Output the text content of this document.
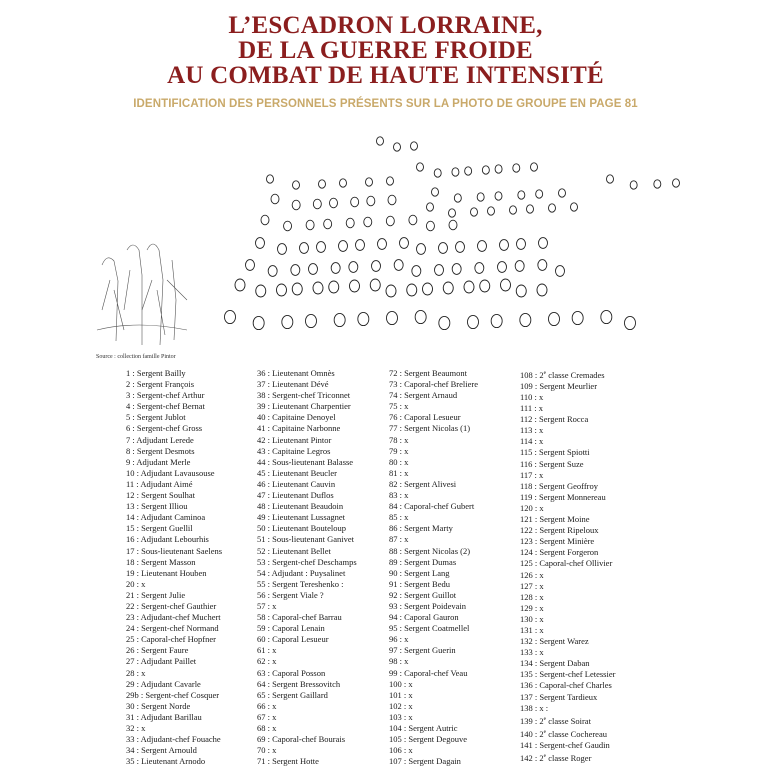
L’ESCADRON LORRAINE,
DE LA GUERRE FROIDE
AU COMBAT DE HAUTE INTENSITÉ
IDENTIFICATION DES PERSONNELS PRÉSENTS SUR LA PHOTO DE GROUPE EN PAGE 81
Source : collection famille Pintor
1 : Sergent Bailly
2 : Sergent François
3 : Sergent-chef Arthur
4 : Sergent-chef Bernat
5 : Sergent Jublot
6 : Sergent-chef Gross
7 : Adjudant Lerede
8 : Sergent Desmots
9 : Adjudant Merle
10 : Adjudant Lavausouse
11 : Adjudant Aimé
12 : Sergent Soulhat
13 : Sergent Illiou
14 : Adjudant Caminoa
15 : Sergent Guellil
16 : Adjudant Lebourhis
17 : Sous-lieutenant Saelens
18 : Sergent Masson
19 : Lieutenant Houben
20 : x
21 : Sergent Julie
22 : Sergent-chef Gauthier
23 : Adjudant-chef Muchert
24 : Sergent-chef Normand
25 : Caporal-chef Hopfner
26 : Sergent Faure
27 : Adjudant Paillet
28 : x
29 : Adjudant Cavarle
29b : Sergent-chef Cosquer
30 : Sergent Norde
31 : Adjudant Barillau
32 : x
33 : Adjudant-chef Fouache
34 : Sergent Arnould
35 : Lieutenant Arnodo
36 : Lieutenant Omnès
37 : Lieutenant Dévé
38 : Sergent-chef Triconnet
39 : Lieutenant Charpentier
40 : Capitaine Denoyel
41 : Capitaine Narbonne
42 : Lieutenant Pintor
43 : Capitaine Legros
44 : Sous-lieutenant Balasse
45 : Lieutenant Beucler
46 : Lieutenant Cauvin
47 : Lieutenant Duflos
48 : Lieutenant Beaudoin
49 : Lieutenant Lussagnet
50 : Lieutenant Bouteloup
51 : Sous-lieutenant Ganivet
52 : Lieutenant Bellet
53 : Sergent-chef Deschamps
54 : Adjudant : Puysalinet
55 : Sergent Tereshenko :
56 : Sergent Viale ?
57 : x
58 : Caporal-chef Barrau
59 : Caporal Lenain
60 : Caporal Lesueur
61 : x
62 : x
63 : Caporal Posson
64 : Sergent Bressovitch
65 : Sergent Gaillard
66 : x
67 : x
68 : x
69 : Caporal-chef Bourais
70 : x
71 : Sergent Hotte
72 : Sergent Beaumont
73 : Caporal-chef Breliere
74 : Sergent Arnaud
75 : x
76 : Caporal Lesueur
77 : Sergent Nicolas (1)
78 : x
79 : x
80 : x
81 : x
82 : Sergent Alivesi
83 : x
84 : Caporal-chef Gubert
85 : x
86 : Sergent Marty
87 : x
88 : Sergent Nicolas (2)
89 : Sergent Dumas
90 : Sergent Lang
91 : Sergent Bedu
92 : Sergent Guillot
93 : Sergent Poidevain
94 : Caporal Gauron
95 : Sergent Coatmellel
96 : x
97 : Sergent Guerin
98 : x
99 : Caporal-chef Veau
100 : x
101 : x
102 : x
103 : x
104 : Sergent Autric
105 : Sergent Degouve
106 : x
107 : Sergent Dagain
108 : 2e classe Cremades
109 : Sergent Meurlier
110 : x
111 : x
112 : Sergent Rocca
113 : x
114 : x
115 : Sergent Spiotti
116 : Sergent Suze
117 : x
118 : Sergent Geoffroy
119 : Sergent Monnereau
120 : x
121 : Sergent Moine
122 : Sergent Ripeloux
123 : Sergent Minière
124 : Sergent Forgeron
125 : Caporal-chef Ollivier
126 : x
127 : x
128 : x
129 : x
130 : x
131 : x
132 : Sergent Warez
133 : x
134 : Sergent Daban
135 : Sergent-chef Letessier
136 : Caporal-chef Charles
137 : Sergent Tardieux
138 : x :
139 : 2e classe Soirat
140 : 2e classe Cochereau
141 : Sergent-chef Gaudin
142 : 2e classe Roger
